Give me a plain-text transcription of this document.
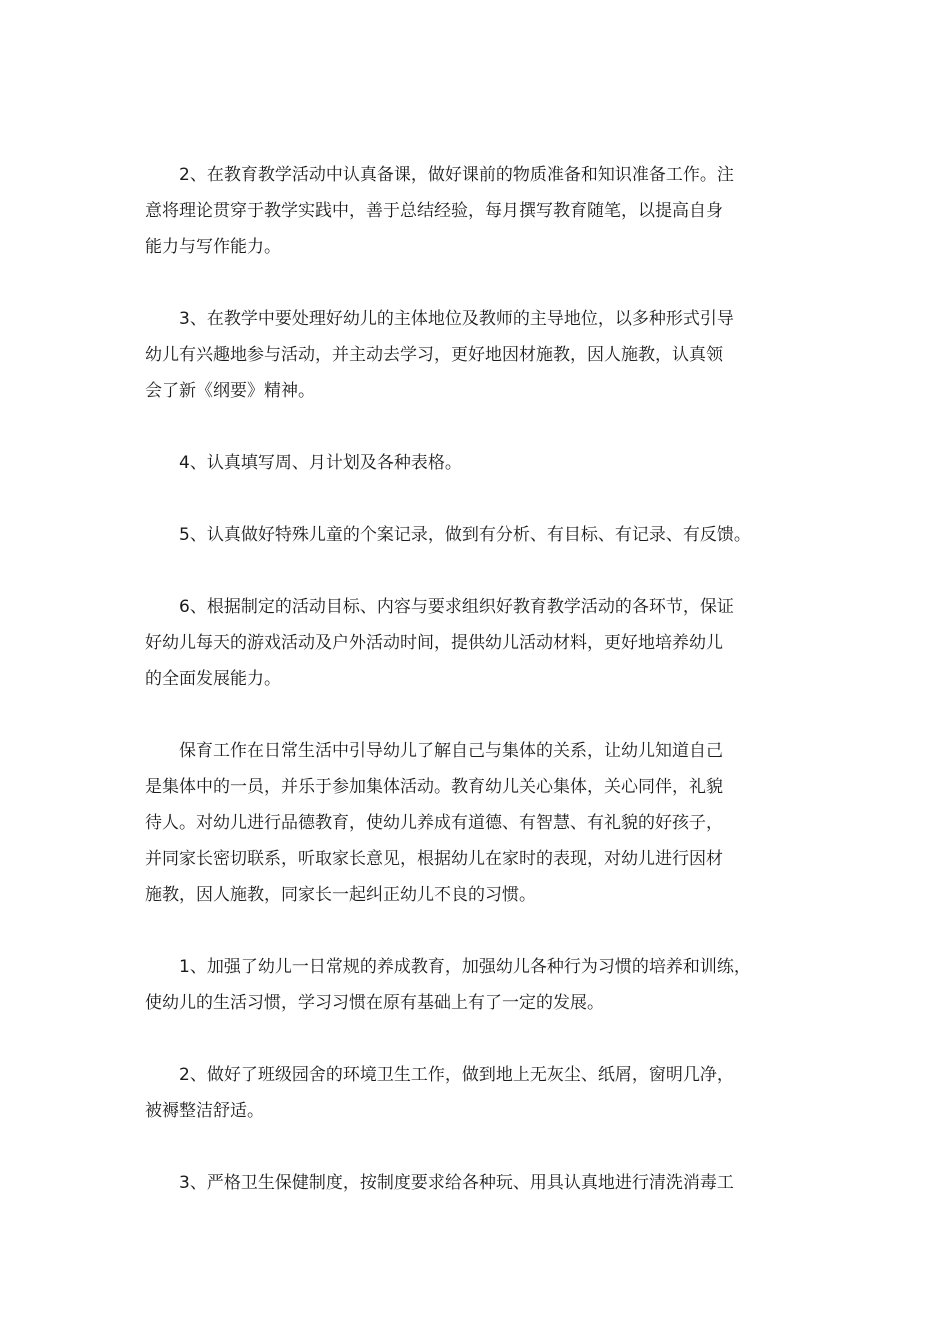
2、在教育教学活动中认真备课，做好课前的物质准备和知识准备工作。注
意将理论贯穿于教学实践中，善于总结经验，每月撰写教育随笔，以提高自身
能力与写作能力。

3、在教学中要处理好幼儿的主体地位及教师的主导地位，以多种形式引导
幼儿有兴趣地参与活动，并主动去学习，更好地因材施教，因人施教，认真领
会了新《纲要》精神。

4、认真填写周、月计划及各种表格。

5、认真做好特殊儿童的个案记录，做到有分析、有目标、有记录、有反馈。

6、根据制定的活动目标、内容与要求组织好教育教学活动的各环节，保证
好幼儿每天的游戏活动及户外活动时间，提供幼儿活动材料，更好地培养幼儿
的全面发展能力。

保育工作在日常生活中引导幼儿了解自己与集体的关系，让幼儿知道自己
是集体中的一员，并乐于参加集体活动。教育幼儿关心集体，关心同伴，礼貌
待人。对幼儿进行品德教育，使幼儿养成有道德、有智慧、有礼貌的好孩子，
并同家长密切联系，听取家长意见，根据幼儿在家时的表现，对幼儿进行因材
施教，因人施教，同家长一起纠正幼儿不良的习惯。

1、加强了幼儿一日常规的养成教育，加强幼儿各种行为习惯的培养和训练，
使幼儿的生活习惯，学习习惯在原有基础上有了一定的发展。

2、做好了班级园舍的环境卫生工作，做到地上无灰尘、纸屑，窗明几净，
被褥整洁舒适。

3、严格卫生保健制度，按制度要求给各种玩、用具认真地进行清洗消毒工
